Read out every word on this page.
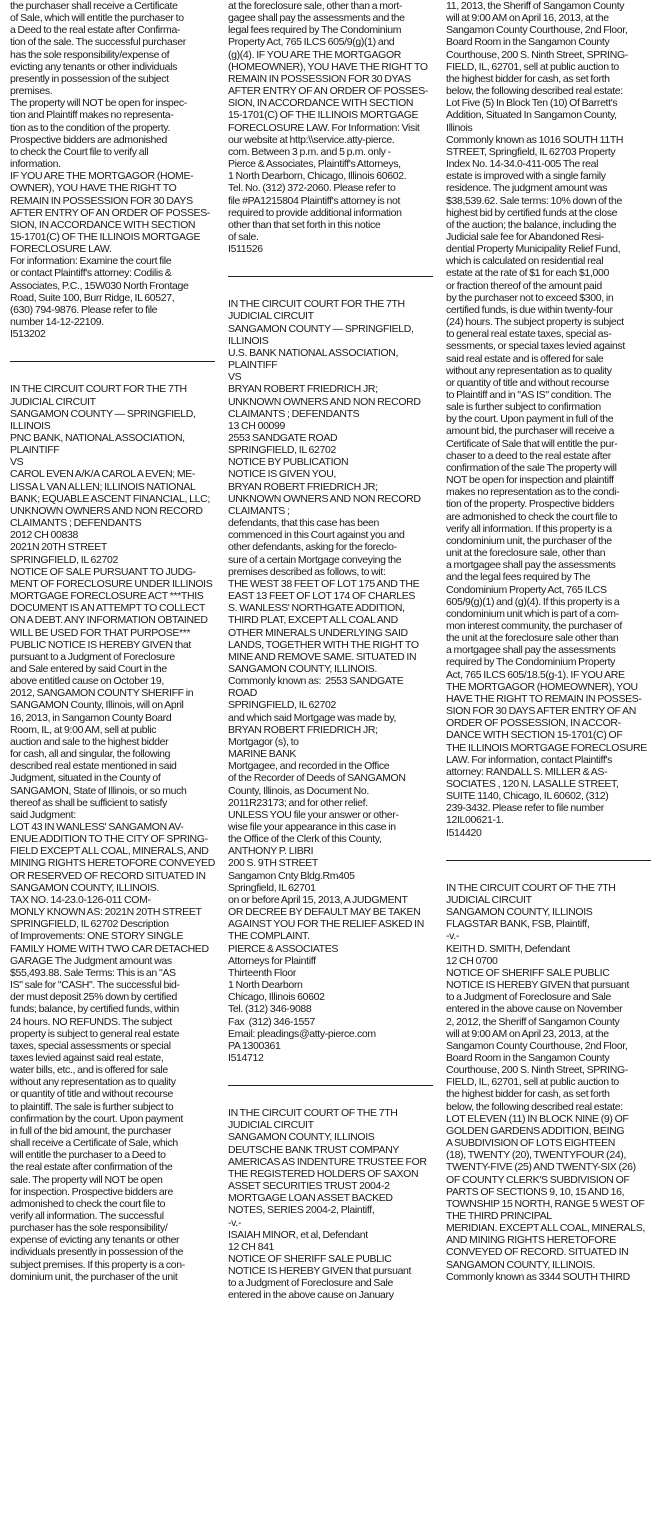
the purchaser shall receive a Certificate
of Sale, which will entitle the purchaser to
a Deed to the real estate after Confirma-
tion of the sale. The successful purchaser
has the sole responsibility/expense of
evicting any tenants or other individuals
presently in possession of the subject
premises.
The property will NOT be open for inspec-
tion and Plaintiff makes no representa-
tion as to the condition of the property.
Prospective bidders are admonished
to check the Court file to verify all
information.
IF YOU ARE THE MORTGAGOR (HOME-
OWNER), YOU HAVE THE RIGHT TO
REMAIN IN POSSESSION FOR 30 DAYS
AFTER ENTRY OF AN ORDER OF POSSES-
SION, IN ACCORDANCE WITH SECTION
15-1701(C) OF THE ILLINOIS MORTGAGE
FORECLOSURE LAW.
For information: Examine the court file
or contact Plaintiff's attorney: Codilis &
Associates, P.C., 15W030 North Frontage
Road, Suite 100, Burr Ridge, IL 60527,
(630) 794-9876. Please refer to file
number 14-12-22109.
I513202
IN THE CIRCUIT COURT FOR THE 7TH
JUDICIAL CIRCUIT
SANGAMON COUNTY — SPRINGFIELD,
ILLINOIS
PNC BANK, NATIONAL ASSOCIATION,
PLAINTIFF
VS
CAROL EVEN A/K/A CAROL A EVEN; ME-
LISSA L VAN ALLEN; ILLINOIS NATIONAL
BANK; EQUABLE ASCENT FINANCIAL, LLC;
UNKNOWN OWNERS AND NON RECORD
CLAIMANTS ; DEFENDANTS
2012 CH 00838
2021N 20TH STREET
SPRINGFIELD, IL 62702
NOTICE OF SALE PURSUANT TO JUDG-
MENT OF FORECLOSURE UNDER ILLINOIS
MORTGAGE FORECLOSURE ACT ***THIS
DOCUMENT IS AN ATTEMPT TO COLLECT
ON A DEBT. ANY INFORMATION OBTAINED
WILL BE USED FOR THAT PURPOSE***
PUBLIC NOTICE IS HEREBY GIVEN that
pursuant to a Judgment of Foreclosure
and Sale entered by said Court in the
above entitled cause on October 19,
2012, SANGAMON COUNTY SHERIFF in
SANGAMON County, Illinois, will on April
16, 2013, in Sangamon County Board
Room, IL, at 9:00 AM, sell at public
auction and sale to the highest bidder
for cash, all and singular, the following
described real estate mentioned in said
Judgment, situated in the County of
SANGAMON, State of Illinois, or so much
thereof as shall be sufficient to satisfy
said Judgment:
LOT 43 IN WANLESS' SANGAMON AV-
ENUE ADDITION TO THE CITY OF SPRING-
FIELD EXCEPT ALL COAL, MINERALS, AND
MINING RIGHTS HERETOFORE CONVEYED
OR RESERVED OF RECORD SITUATED IN
SANGAMON COUNTY, ILLINOIS.
TAX NO. 14-23.0-126-011 COM-
MONLY KNOWN AS: 2021N 20TH STREET
SPRINGFIELD, IL 62702 Description
of Improvements: ONE STORY SINGLE
FAMILY HOME WITH TWO CAR DETACHED
GARAGE The Judgment amount was
$55,493.88. Sale Terms: This is an "AS
IS" sale for "CASH". The successful bid-
der must deposit 25% down by certified
funds; balance, by certified funds, within
24 hours. NO REFUNDS. The subject
property is subject to general real estate
taxes, special assessments or special
taxes levied against said real estate,
water bills, etc., and is offered for sale
without any representation as to quality
or quantity of title and without recourse
to plaintiff. The sale is further subject to
confirmation by the court. Upon payment
in full of the bid amount, the purchaser
shall receive a Certificate of Sale, which
will entitle the purchaser to a Deed to
the real estate after confirmation of the
sale. The property will NOT be open
for inspection. Prospective bidders are
admonished to check the court file to
verify all information. The successful
purchaser has the sole responsibility/
expense of evicting any tenants or other
individuals presently in possession of the
subject premises. If this property is a con-
dominium unit, the purchaser of the unit
at the foreclosure sale, other than a mort-
gagee shall pay the assessments and the
legal fees required by The Condominium
Property Act, 765 ILCS 605/9(g)(1) and
(g)(4). IF YOU ARE THE MORTGAGOR
(HOMEOWNER), YOU HAVE THE RIGHT TO
REMAIN IN POSSESSION FOR 30 DYAS
AFTER ENTRY OF AN ORDER OF POSSES-
SION, IN ACCORDANCE WITH SECTION
15-1701(C) OF THE ILLINOIS MORTGAGE
FORECLOSURE LAW. For Information: Visit
our website at http:\\service.atty-pierce.
com. Between 3 p.m. and 5 p.m. only -
Pierce & Associates, Plaintiff's Attorneys,
1 North Dearborn, Chicago, Illinois 60602.
Tel. No. (312) 372-2060. Please refer to
file #PA1215804 Plaintiff's attorney is not
required to provide additional information
other than that set forth in this notice
of sale.
I511526
IN THE CIRCUIT COURT FOR THE 7TH
JUDICIAL CIRCUIT
SANGAMON COUNTY — SPRINGFIELD,
ILLINOIS
U.S. BANK NATIONAL ASSOCIATION,
PLAINTIFF
VS
BRYAN ROBERT FRIEDRICH JR;
UNKNOWN OWNERS AND NON RECORD
CLAIMANTS ; DEFENDANTS
13 CH 00099
2553 SANDGATE ROAD
SPRINGFIELD, IL 62702
NOTICE BY PUBLICATION
NOTICE IS GIVEN YOU,
BRYAN ROBERT FRIEDRICH JR;
UNKNOWN OWNERS AND NON RECORD
CLAIMANTS ;
defendants, that this case has been
commenced in this Court against you and
other defendants, asking for the foreclo-
sure of a certain Mortgage conveying the
premises described as follows, to wit:
THE WEST 38 FEET OF LOT 175 AND THE
EAST 13 FEET OF LOT 174 OF CHARLES
S. WANLESS' NORTHGATE ADDITION,
THIRD PLAT, EXCEPT ALL COAL AND
OTHER MINERALS UNDERLYING SAID
LANDS, TOGETHER WITH THE RIGHT TO
MINE AND REMOVE SAME. SITUATED IN
SANGAMON COUNTY, ILLINOIS.
Commonly known as:  2553 SANDGATE
ROAD
SPRINGFIELD, IL 62702
and which said Mortgage was made by,
BRYAN ROBERT FRIEDRICH JR;
Mortgagor (s), to
MARINE BANK
Mortgagee, and recorded in the Office
of the Recorder of Deeds of SANGAMON
County, Illinois, as Document No.
2011R23173; and for other relief.
UNLESS YOU file your answer or other-
wise file your appearance in this case in
the Office of the Clerk of this County,
ANTHONY P. LIBRI
200 S. 9TH STREET
Sangamon Cnty Bldg.Rm405
Springfield, IL 62701
on or before April 15, 2013, A JUDGMENT
OR DECREE BY DEFAULT MAY BE TAKEN
AGAINST YOU FOR THE RELIEF ASKED IN
THE COMPLAINT.
PIERCE & ASSOCIATES
Attorneys for Plaintiff
Thirteenth Floor
1 North Dearborn
Chicago, Illinois 60602
Tel. (312) 346-9088
Fax  (312) 346-1557
Email: pleadings@atty-pierce.com
PA 1300361
I514712
IN THE CIRCUIT COURT OF THE 7TH
JUDICIAL CIRCUIT
SANGAMON COUNTY, ILLINOIS
DEUTSCHE BANK TRUST COMPANY
AMERICAS AS INDENTURE TRUSTEE FOR
THE REGISTERED HOLDERS OF SAXON
ASSET SECURITIES TRUST 2004-2
MORTGAGE LOAN ASSET BACKED
NOTES, SERIES 2004-2, Plaintiff,
-v.-
ISAIAH MINOR, et al, Defendant
12 CH 841
NOTICE OF SHERIFF SALE PUBLIC
NOTICE IS HEREBY GIVEN that pursuant
to a Judgment of Foreclosure and Sale
entered in the above cause on January
11, 2013, the Sheriff of Sangamon County
will at 9:00 AM on April 16, 2013, at the
Sangamon County Courthouse, 2nd Floor,
Board Room in the Sangamon County
Courthouse, 200 S. Ninth Street, SPRING-
FIELD, IL, 62701, sell at public auction to
the highest bidder for cash, as set forth
below, the following described real estate:
Lot Five (5) In Block Ten (10) Of Barrett's
Addition, Situated In Sangamon County,
Illinois
Commonly known as 1016 SOUTH 11TH
STREET, Springfield, IL 62703 Property
Index No. 14-34.0-411-005 The real
estate is improved with a single family
residence. The judgment amount was
$38,539.62. Sale terms: 10% down of the
highest bid by certified funds at the close
of the auction; the balance, including the
Judicial sale fee for Abandoned Resi-
dential Property Municipality Relief Fund,
which is calculated on residential real
estate at the rate of $1 for each $1,000
or fraction thereof of the amount paid
by the purchaser not to exceed $300, in
certified funds, is due within twenty-four
(24) hours. The subject property is subject
to general real estate taxes, special as-
sessments, or special taxes levied against
said real estate and is offered for sale
without any representation as to quality
or quantity of title and without recourse
to Plaintiff and in "AS IS" condition. The
sale is further subject to confirmation
by the court. Upon payment in full of the
amount bid, the purchaser will receive a
Certificate of Sale that will entitle the pur-
chaser to a deed to the real estate after
confirmation of the sale The property will
NOT be open for inspection and plaintiff
makes no representation as to the condi-
tion of the property. Prospective bidders
are admonished to check the court file to
verify all information. If this property is a
condominium unit, the purchaser of the
unit at the foreclosure sale, other than
a mortgagee shall pay the assessments
and the legal fees required by The
Condominium Property Act, 765 ILCS
605/9(g)(1) and (g)(4). If this property is a
condominium unit which is part of a com-
mon interest community, the purchaser of
the unit at the foreclosure sale other than
a mortgagee shall pay the assessments
required by The Condominium Property
Act, 765 ILCS 605/18.5(g-1). IF YOU ARE
THE MORTGAGOR (HOMEOWNER), YOU
HAVE THE RIGHT TO REMAIN IN POSSES-
SION FOR 30 DAYS AFTER ENTRY OF AN
ORDER OF POSSESSION, IN ACCOR-
DANCE WITH SECTION 15-1701(C) OF
THE ILLINOIS MORTGAGE FORECLOSURE
LAW. For information, contact Plaintiff's
attorney: RANDALL S. MILLER & AS-
SOCIATES , 120 N. LASALLE STREET,
SUITE 1140, Chicago, IL 60602, (312)
239-3432. Please refer to file number
12IL00621-1.
I514420
IN THE CIRCUIT COURT OF THE 7TH
JUDICIAL CIRCUIT
SANGAMON COUNTY, ILLINOIS
FLAGSTAR BANK, FSB, Plaintiff,
-v.-
KEITH D. SMITH, Defendant
12 CH 0700
NOTICE OF SHERIFF SALE PUBLIC
NOTICE IS HEREBY GIVEN that pursuant
to a Judgment of Foreclosure and Sale
entered in the above cause on November
2, 2012, the Sheriff of Sangamon County
will at 9:00 AM on April 23, 2013, at the
Sangamon County Courthouse, 2nd Floor,
Board Room in the Sangamon County
Courthouse, 200 S. Ninth Street, SPRING-
FIELD, IL, 62701, sell at public auction to
the highest bidder for cash, as set forth
below, the following described real estate:
LOT ELEVEN (11) IN BLOCK NINE (9) OF
GOLDEN GARDENS ADDITION, BEING
A SUBDIVISION OF LOTS EIGHTEEN
(18), TWENTY (20), TWENTYFOUR (24),
TWENTY-FIVE (25) AND TWENTY-SIX (26)
OF COUNTY CLERK'S SUBDIVISION OF
PARTS OF SECTIONS 9, 10, 15 AND 16,
TOWNSHIP 15 NORTH, RANGE 5 WEST OF
THE THIRD PRINCIPAL
MERIDIAN. EXCEPT ALL COAL, MINERALS,
AND MINING RIGHTS HERETOFORE
CONVEYED OF RECORD. SITUATED IN
SANGAMON COUNTY, ILLINOIS.
Commonly known as 3344 SOUTH THIRD
